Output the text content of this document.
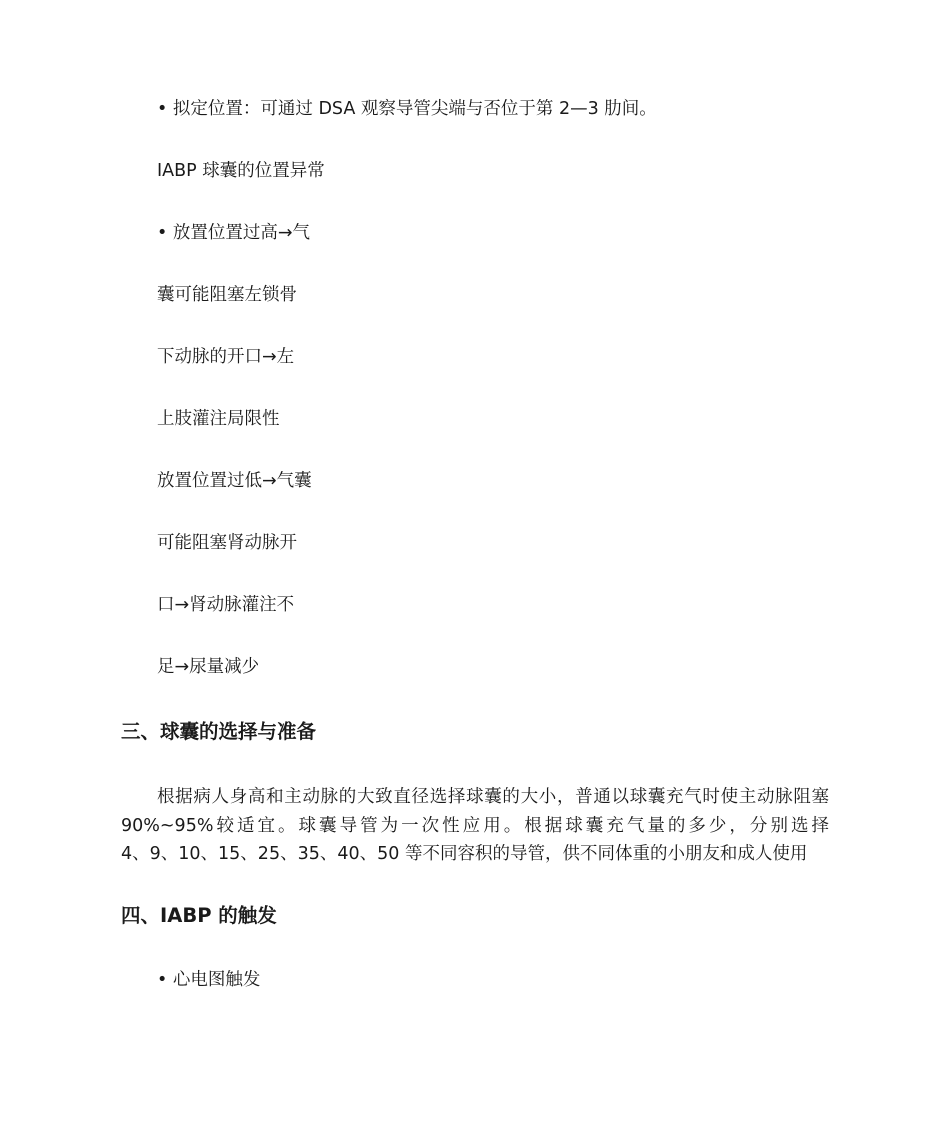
• 拟定位置：可通过 DSA 观察导管尖端与否位于第 2—3 肋间。
IABP 球囊的位置异常
• 放置位置过高→气
囊可能阻塞左锁骨
下动脉的开口→左
上肢灌注局限性
放置位置过低→气囊
可能阻塞肾动脉开
口→肾动脉灌注不
足→尿量减少
三、球囊的选择与准备
根据病人身高和主动脉的大致直径选择球囊的大小，普通以球囊充气时使主动脉阻塞
90%~95%较适宜。球囊导管为一次性应用。根据球囊充气量的多少，分别选择
4、9、10、15、25、35、40、50 等不同容积的导管，供不同体重的小朋友和成人使用
四、IABP 的触发
• 心电图触发
